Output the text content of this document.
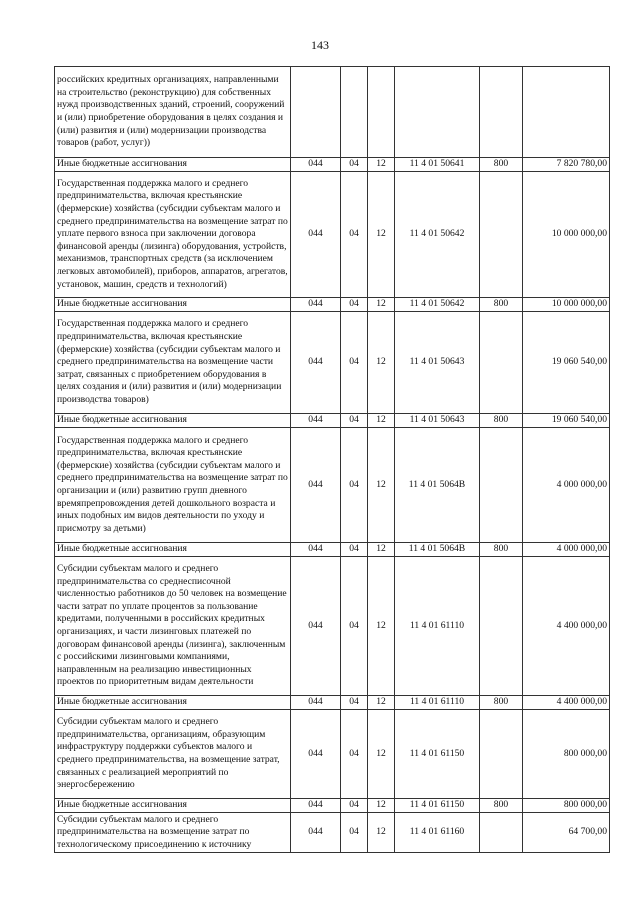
143
российских кредитных организациях, направленными на строительство (реконструкцию) для собственных нужд производственных зданий, строений, сооружений и (или) приобретение оборудования в целях создания и (или) развития и (или) модернизации производства товаров (работ, услуг))						
Иные бюджетные ассигнования	044	04	12	11 4 01 50641	800	7 820 780,00
Государственная поддержка малого и среднего предпринимательства, включая крестьянские (фермерские) хозяйства (субсидии субъектам малого и среднего предпринимательства на возмещение затрат по уплате первого взноса при заключении договора финансовой аренды (лизинга) оборудования, устройств, механизмов, транспортных средств (за исключением легковых автомобилей), приборов, аппаратов, агрегатов, установок, машин, средств и технологий)	044	04	12	11 4 01 50642		10 000 000,00
Иные бюджетные ассигнования	044	04	12	11 4 01 50642	800	10 000 000,00
Государственная поддержка малого и среднего предпринимательства, включая крестьянские (фермерские) хозяйства (субсидии субъектам малого и среднего предпринимательства на возмещение части затрат, связанных с приобретением оборудования в целях создания и (или) развития и (или) модернизации производства товаров)	044	04	12	11 4 01 50643		19 060 540,00
Иные бюджетные ассигнования	044	04	12	11 4 01 50643	800	19 060 540,00
Государственная поддержка малого и среднего предпринимательства, включая крестьянские (фермерские) хозяйства (субсидии субъектам малого и среднего предпринимательства на возмещение затрат по организации и (или) развитию групп дневного времяпрепровождения детей дошкольного возраста и иных подобных им видов деятельности по уходу и присмотру за детьми)	044	04	12	11 4 01 5064В		4 000 000,00
Иные бюджетные ассигнования	044	04	12	11 4 01 5064В	800	4 000 000,00
Субсидии субъектам малого и среднего предпринимательства со среднесписочной численностью работников до 50 человек на возмещение части затрат по уплате процентов за пользование кредитами, полученными в российских кредитных организациях, и части лизинговых платежей по договорам финансовой аренды (лизинга), заключенным с российскими лизинговыми компаниями, направленным на реализацию инвестиционных проектов по приоритетным видам деятельности	044	04	12	11 4 01 61110		4 400 000,00
Иные бюджетные ассигнования	044	04	12	11 4 01 61110	800	4 400 000,00
Субсидии субъектам малого и среднего предпринимательства, организациям, образующим инфраструктуру поддержки субъектов малого и среднего предпринимательства, на возмещение затрат, связанных с реализацией мероприятий по энергосбережению	044	04	12	11 4 01 61150		800 000,00
Иные бюджетные ассигнования	044	04	12	11 4 01 61150	800	800 000,00
Субсидии субъектам малого и среднего предпринимательства на возмещение затрат по технологическому присоединению к источнику	044	04	12	11 4 01 61160		64 700,00
